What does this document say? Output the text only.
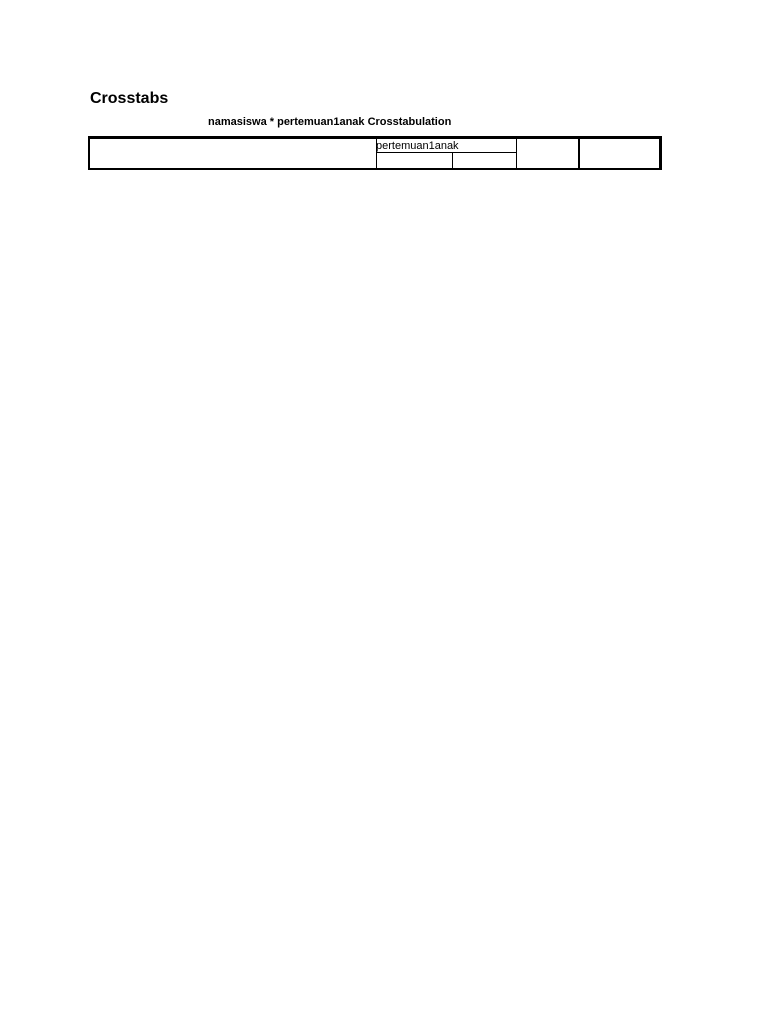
Crosstabs
namasiswa * pertemuan1anak Crosstabulation
pertemuan1anak
